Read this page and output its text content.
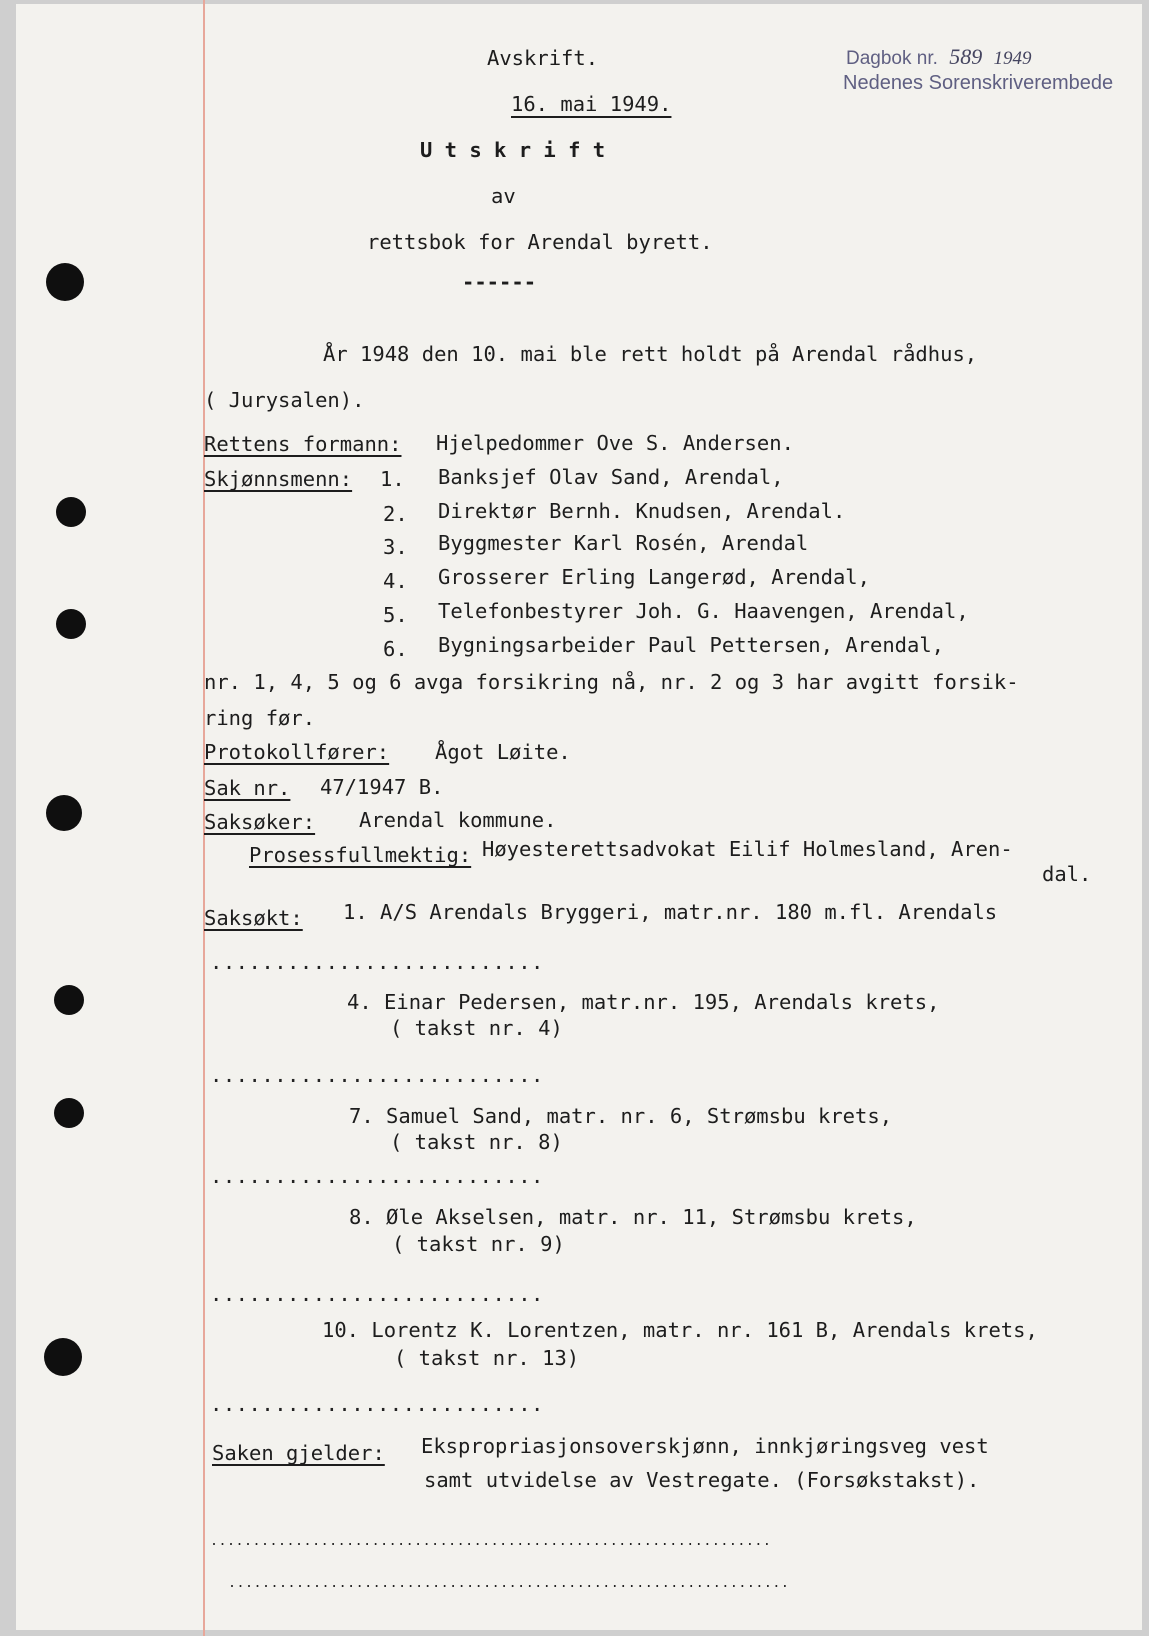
Dagbok nr. 589 1949
Nedenes Sorenskriverembede
Avskrift.
16. mai 1949.
U t s k r i f t
av
rettsbok for Arendal byrett.
------
År 1948 den 10. mai ble rett holdt på Arendal rådhus,
( Jurysalen).
Rettens formann: Hjelpedommer Ove S. Andersen.
Skjønnsmenn: 1. Banksjef Olav Sand, Arendal,
2. Direktør Bernh. Knudsen, Arendal.
3. Byggmester Karl Rosén, Arendal
4. Grosserer Erling Langerød, Arendal,
5. Telefonbestyrer Joh. G. Haavengen, Arendal,
6. Bygningsarbeider Paul Pettersen, Arendal,
nr. 1, 4, 5 og 6 avga forsikring nå, nr. 2 og 3 har avgitt forsik-
ring før.
Protokollfører: Ågot Løite.
Sak nr. 47/1947 B.
Saksøker: Arendal kommune.
Prosessfullmektig: Høyesterettsadvokat Eilif Holmesland, Aren-
dal.
Saksøkt: 1. A/S Arendals Bryggeri, matr.nr. 180 m.fl. Arendals
..........................
4. Einar Pedersen, matr.nr. 195, Arendals krets,
( takst nr. 4)
..........................
7. Samuel Sand, matr. nr. 6, Strømsbu krets,
( takst nr. 8)
..........................
8. Øle Akselsen, matr. nr. 11, Strømsbu krets,
( takst nr. 9)
..........................
10. Lorentz K. Lorentzen, matr. nr. 161 B, Arendals krets,
( takst nr. 13)
..........................
Saken gjelder: Ekspropriasjonsoverskjønn, innkjøringsveg vest
samt utvidelse av Vestregate. (Forsøkstakst).
..................................................................
..................................................................
